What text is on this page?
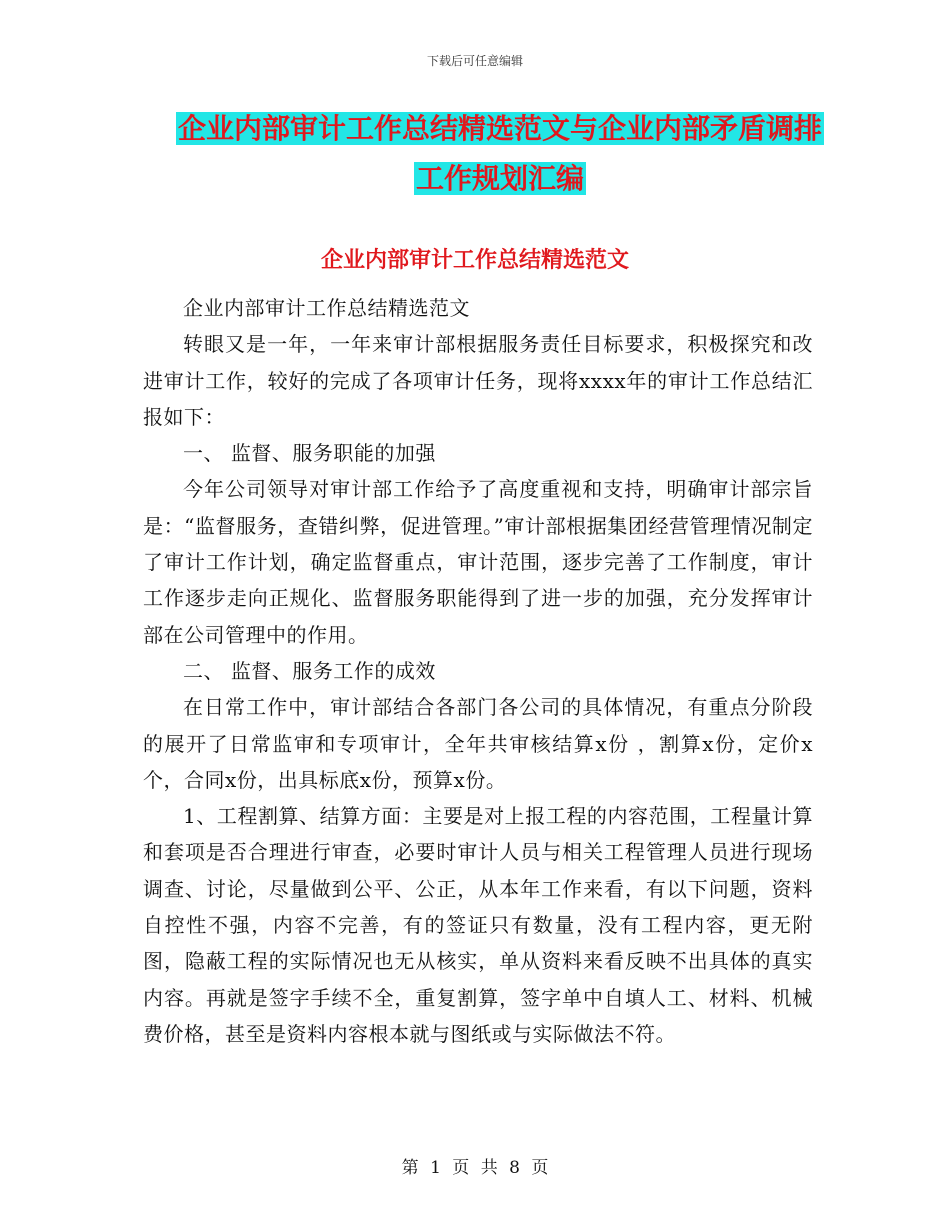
下载后可任意编辑
企业内部审计工作总结精选范文与企业内部矛盾调排
工作规划汇编
企业内部审计工作总结精选范文

企业内部审计工作总结精选范文

转眼又是一年，一年来审计部根据服务责任目标要求，积极探究和改进审计工作，较好的完成了各项审计任务，现将xxxx年的审计工作总结汇报如下：

一、 监督、服务职能的加强

今年公司领导对审计部工作给予了高度重视和支持，明确审计部宗旨是：“监督服务，查错纠弊，促进管理。”审计部根据集团经营管理情况制定了审计工作计划，确定监督重点，审计范围，逐步完善了工作制度，审计工作逐步走向正规化、监督服务职能得到了进一步的加强，充分发挥审计部在公司管理中的作用。

二、 监督、服务工作的成效

在日常工作中，审计部结合各部门各公司的具体情况，有重点分阶段的展开了日常监审和专项审计，全年共审核结算x份 ，割算x份，定价x个，合同x份，出具标底x份，预算x份。

1、工程割算、结算方面：主要是对上报工程的内容范围，工程量计算和套项是否合理进行审查，必要时审计人员与相关工程管理人员进行现场调查、讨论，尽量做到公平、公正，从本年工作来看，有以下问题，资料自控性不强，内容不完善，有的签证只有数量，没有工程内容，更无附图，隐蔽工程的实际情况也无从核实，单从资料来看反映不出具体的真实内容。再就是签字手续不全，重复割算，签字单中自填人工、材料、机械费价格，甚至是资料内容根本就与图纸或与实际做法不符。

第 1 页 共 8 页
